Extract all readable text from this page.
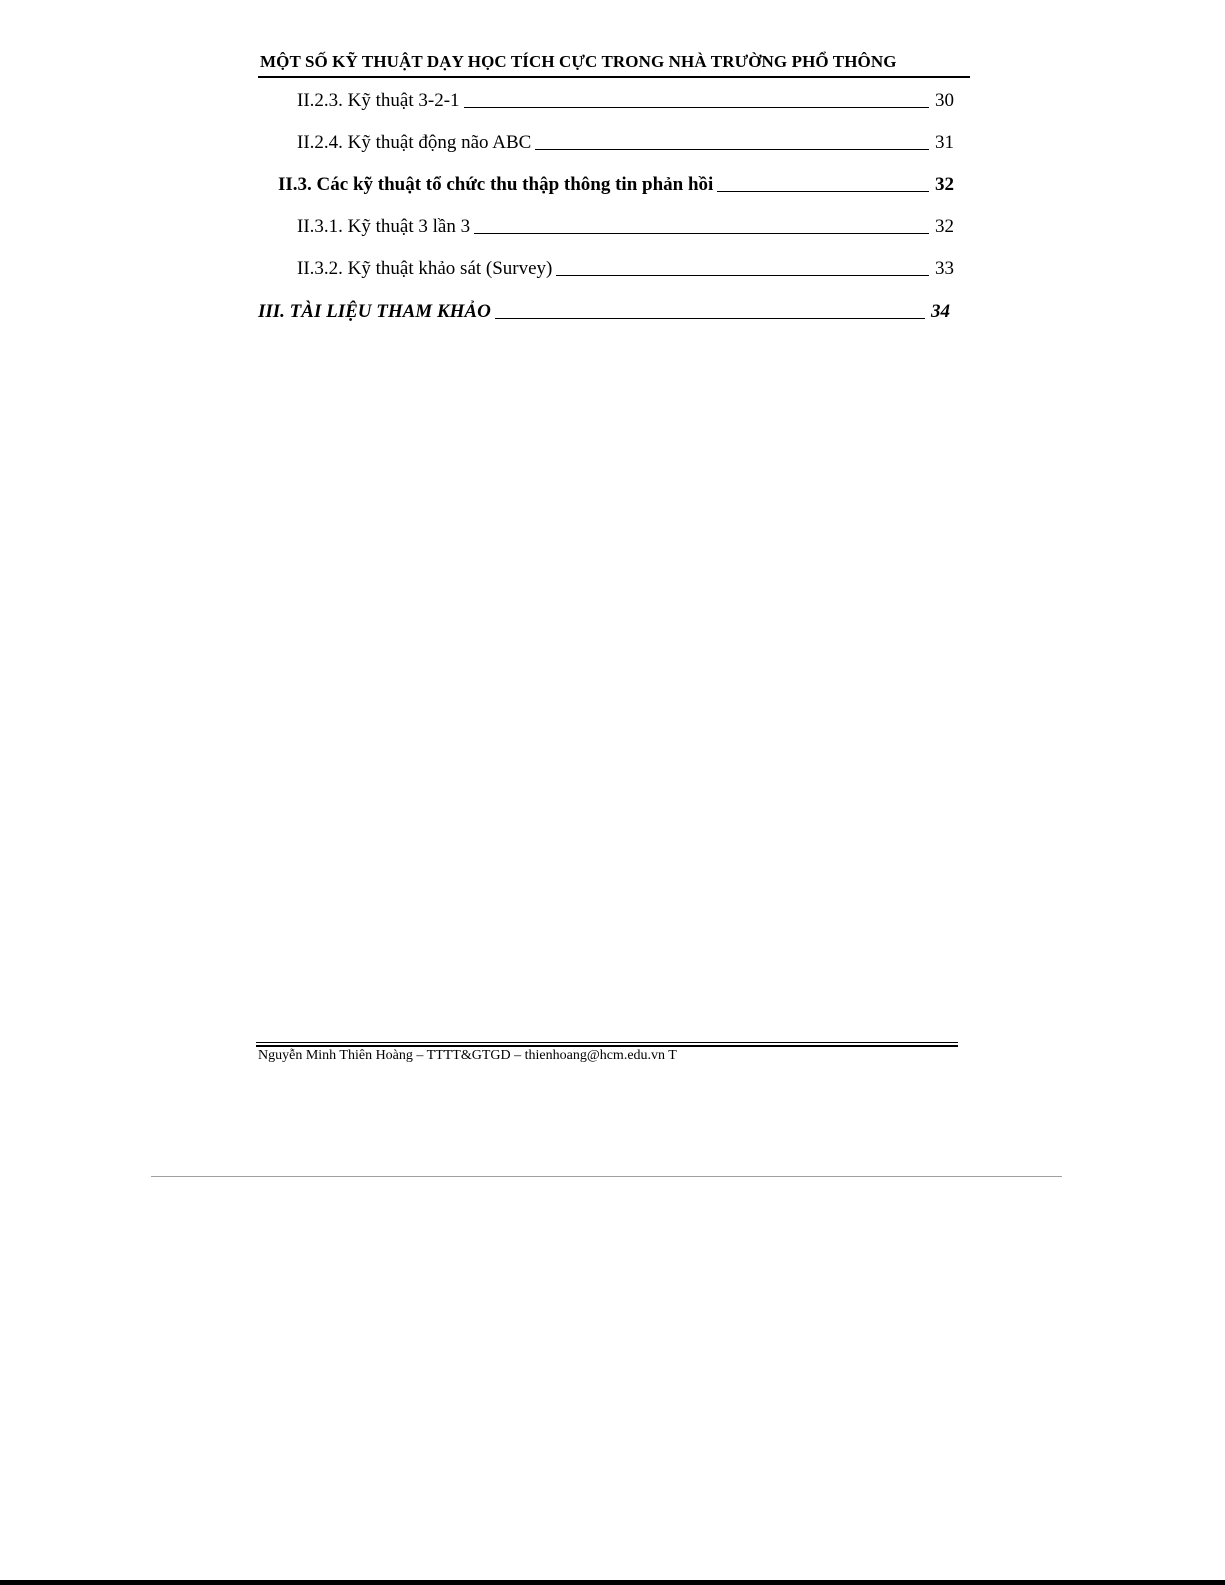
MỘT SỐ KỸ THUẬT DẠY HỌC TÍCH CỰC TRONG NHÀ TRƯỜNG PHỔ THÔNG
II.2.3. Kỹ thuật 3-2-1	30
II.2.4. Kỹ thuật động não ABC	31
II.3. Các kỹ thuật tổ chức thu thập thông tin phản hồi	32
II.3.1. Kỹ thuật 3 lần 3	32
II.3.2. Kỹ thuật khảo sát (Survey)	33
III. TÀI LIỆU THAM KHẢO	34
Nguyễn Minh Thiên Hoàng – TTTT&GTGD – thienhoang@hcm.edu.vn T
